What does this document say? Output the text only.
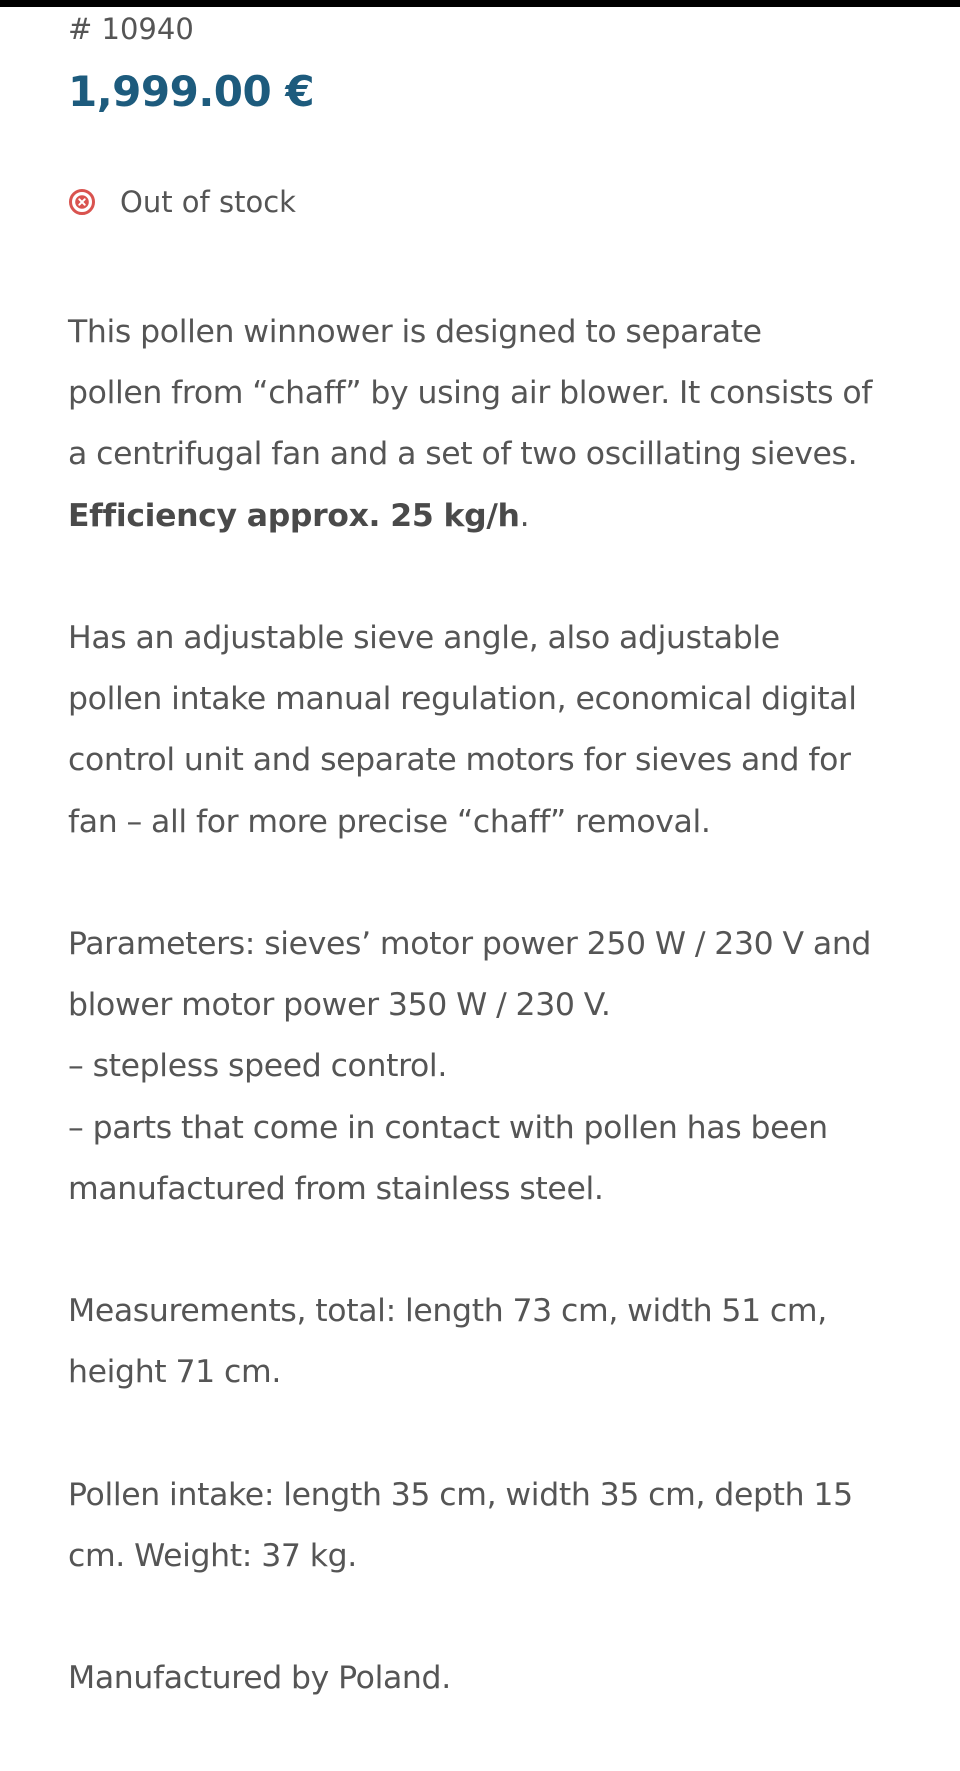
# 10940
1,999.00 €
Out of stock

This pollen winnower is designed to separate
pollen from “chaff” by using air blower. It consists of
a centrifugal fan and a set of two oscillating sieves.
Efficiency approx. 25 kg/h.

Has an adjustable sieve angle, also adjustable
pollen intake manual regulation, economical digital
control unit and separate motors for sieves and for
fan – all for more precise “chaff” removal.

Parameters: sieves’ motor power 250 W / 230 V and
blower motor power 350 W / 230 V.
– stepless speed control.
– parts that come in contact with pollen has been
manufactured from stainless steel.

Measurements, total: length 73 cm, width 51 cm,
height 71 cm.

Pollen intake: length 35 cm, width 35 cm, depth 15
cm. Weight: 37 kg.

Manufactured by Poland.
